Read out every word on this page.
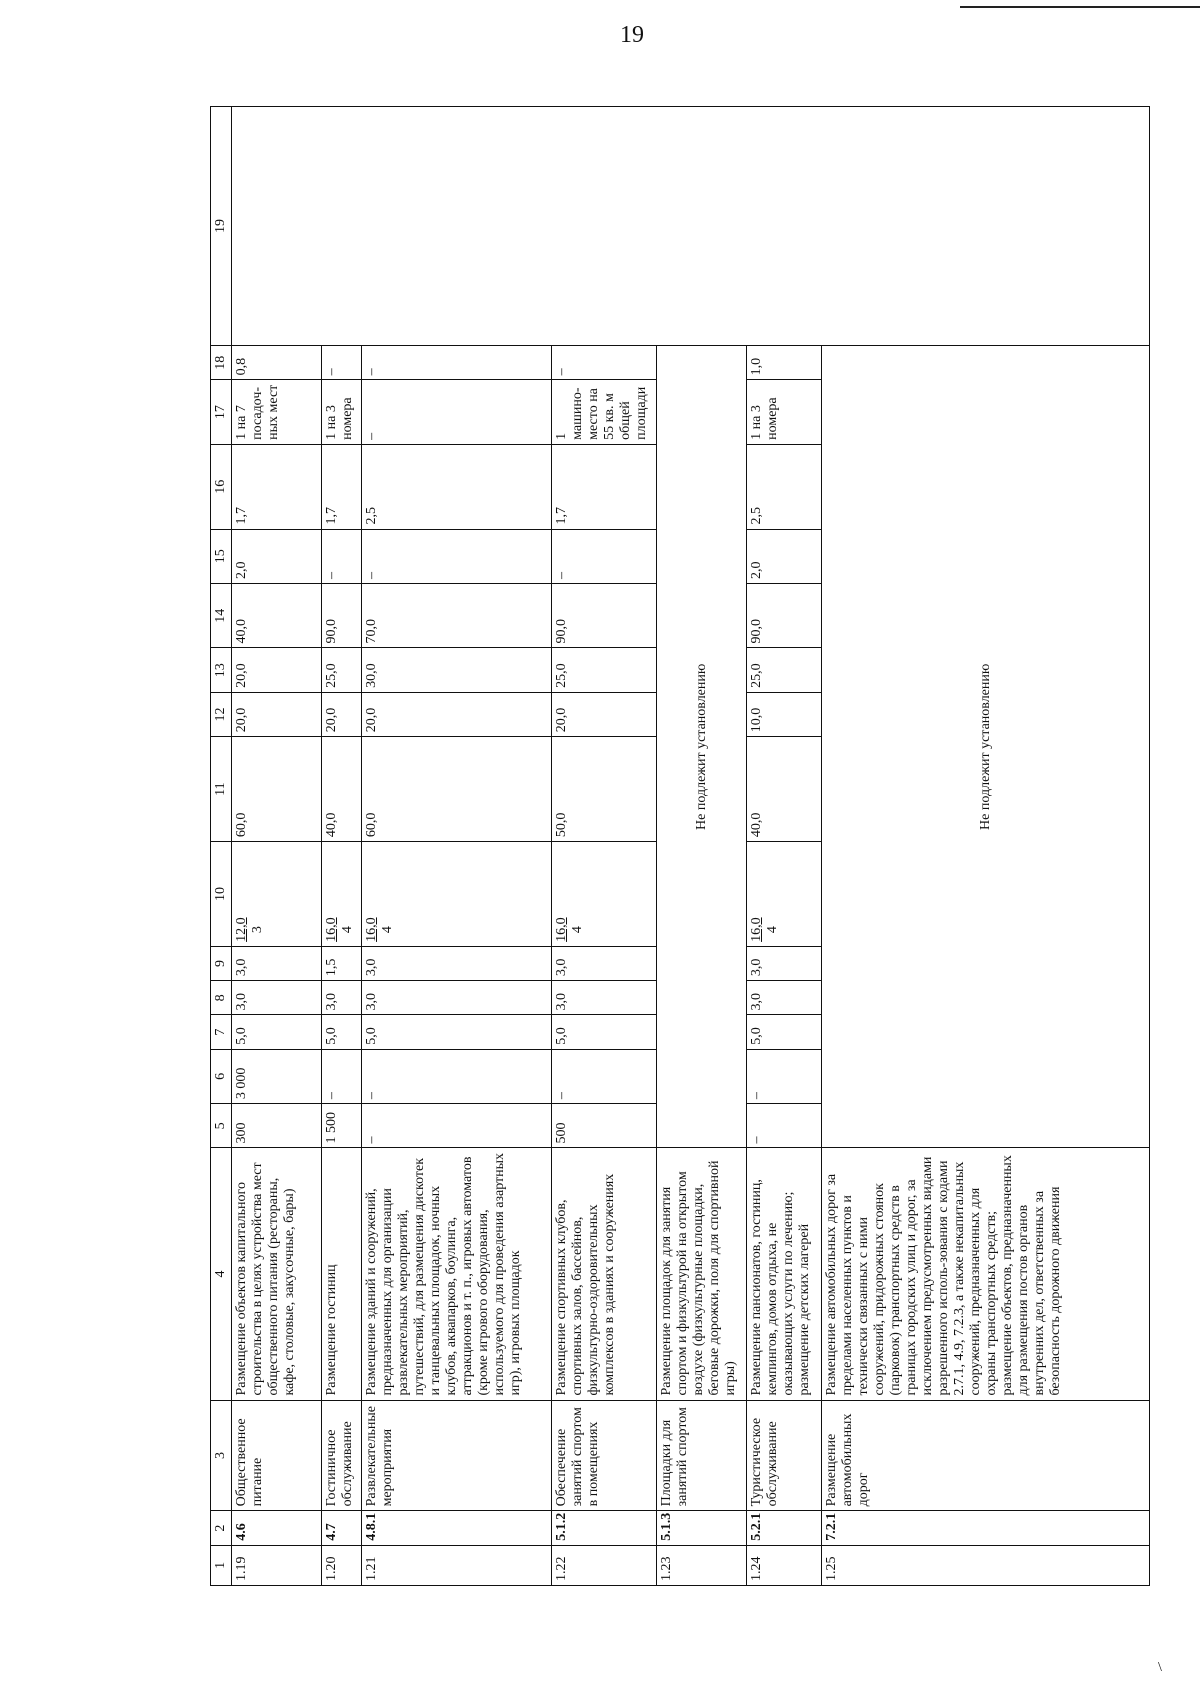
19
\
1	2	3	4	5	6	7	8	9	10	11	12	13	14	15	16	17	18	19
1.19	4.6	Общественное питание	Размещение объектов капитального строительства в целях устройства мест общественного питания (рестораны, кафе, столовые, закусочные, бары)	300	3 000	5,0	3,0	3,0	12,0 3	60,0	20,0	20,0	40,0	2,0	1,7	1 на 7 посадоч-ных мест	0,8	
1.20	4.7	Гостиничное обслуживание	Размещение гостиниц	1 500	–	5,0	3,0	1,5	16,0 4	40,0	20,0	25,0	90,0	–	1,7	1 на 3 номера	–	
1.21	4.8.1	Развлекательные мероприятия	Размещение зданий и сооружений, предназначенных для организации развлекательных мероприятий, путешествий, для размещения дискотек и танцевальных площадок, ночных клубов, аквапарков, боулинга, аттракционов и т. п., игровых автоматов (кроме игрового оборудования, используемого для проведения азартных игр), игровых площадок	–	–	5,0	3,0	3,0	16,0 4	60,0	20,0	30,0	70,0	–	2,5	–	–	
1.22	5.1.2	Обеспечение занятий спортом в помещениях	Размещение спортивных клубов, спортивных залов, бассейнов, физкультурно-оздоровительных комплексов в зданиях и сооружениях	500	–	5,0	3,0	3,0	16,0 4	50,0	20,0	25,0	90,0	–	1,7	1 машино-место на 55 кв. м общей площади	–	
1.23	5.1.3	Площадки для занятий спортом	Размещение площадок для занятия спортом и физкультурой на открытом воздухе (физкультурные площадки, беговые дорожки, поля для спортивной игры)	Не подлежит установлению														
1.24	5.2.1	Туристическое обслуживание	Размещение пансионатов, гостиниц, кемпингов, домов отдыха, не оказывающих услуги по лечению; размещение детских лагерей	–	–	5,0	3,0	3,0	16,0 4	40,0	10,0	25,0	90,0	2,0	2,5	1 на 3 номера	1,0	
1.25	7.2.1	Размещение автомобильных дорог	Размещение автомобильных дорог за пределами населенных пунктов и технически связанных с ними сооружений, придорожных стоянок (парковок) транспортных средств в границах городских улиц и дорог, за исключением предусмотренных видами разрешенного исполь-зования с кодами 2.7.1, 4.9, 7.2.3, а также некапитальных сооружений, предназначенных для охраны транспортных средств; размещение объектов, предназначенных для размещения постов органов внутренних дел, ответственных за безопасность дорожного движения	Не подлежит установлению														
